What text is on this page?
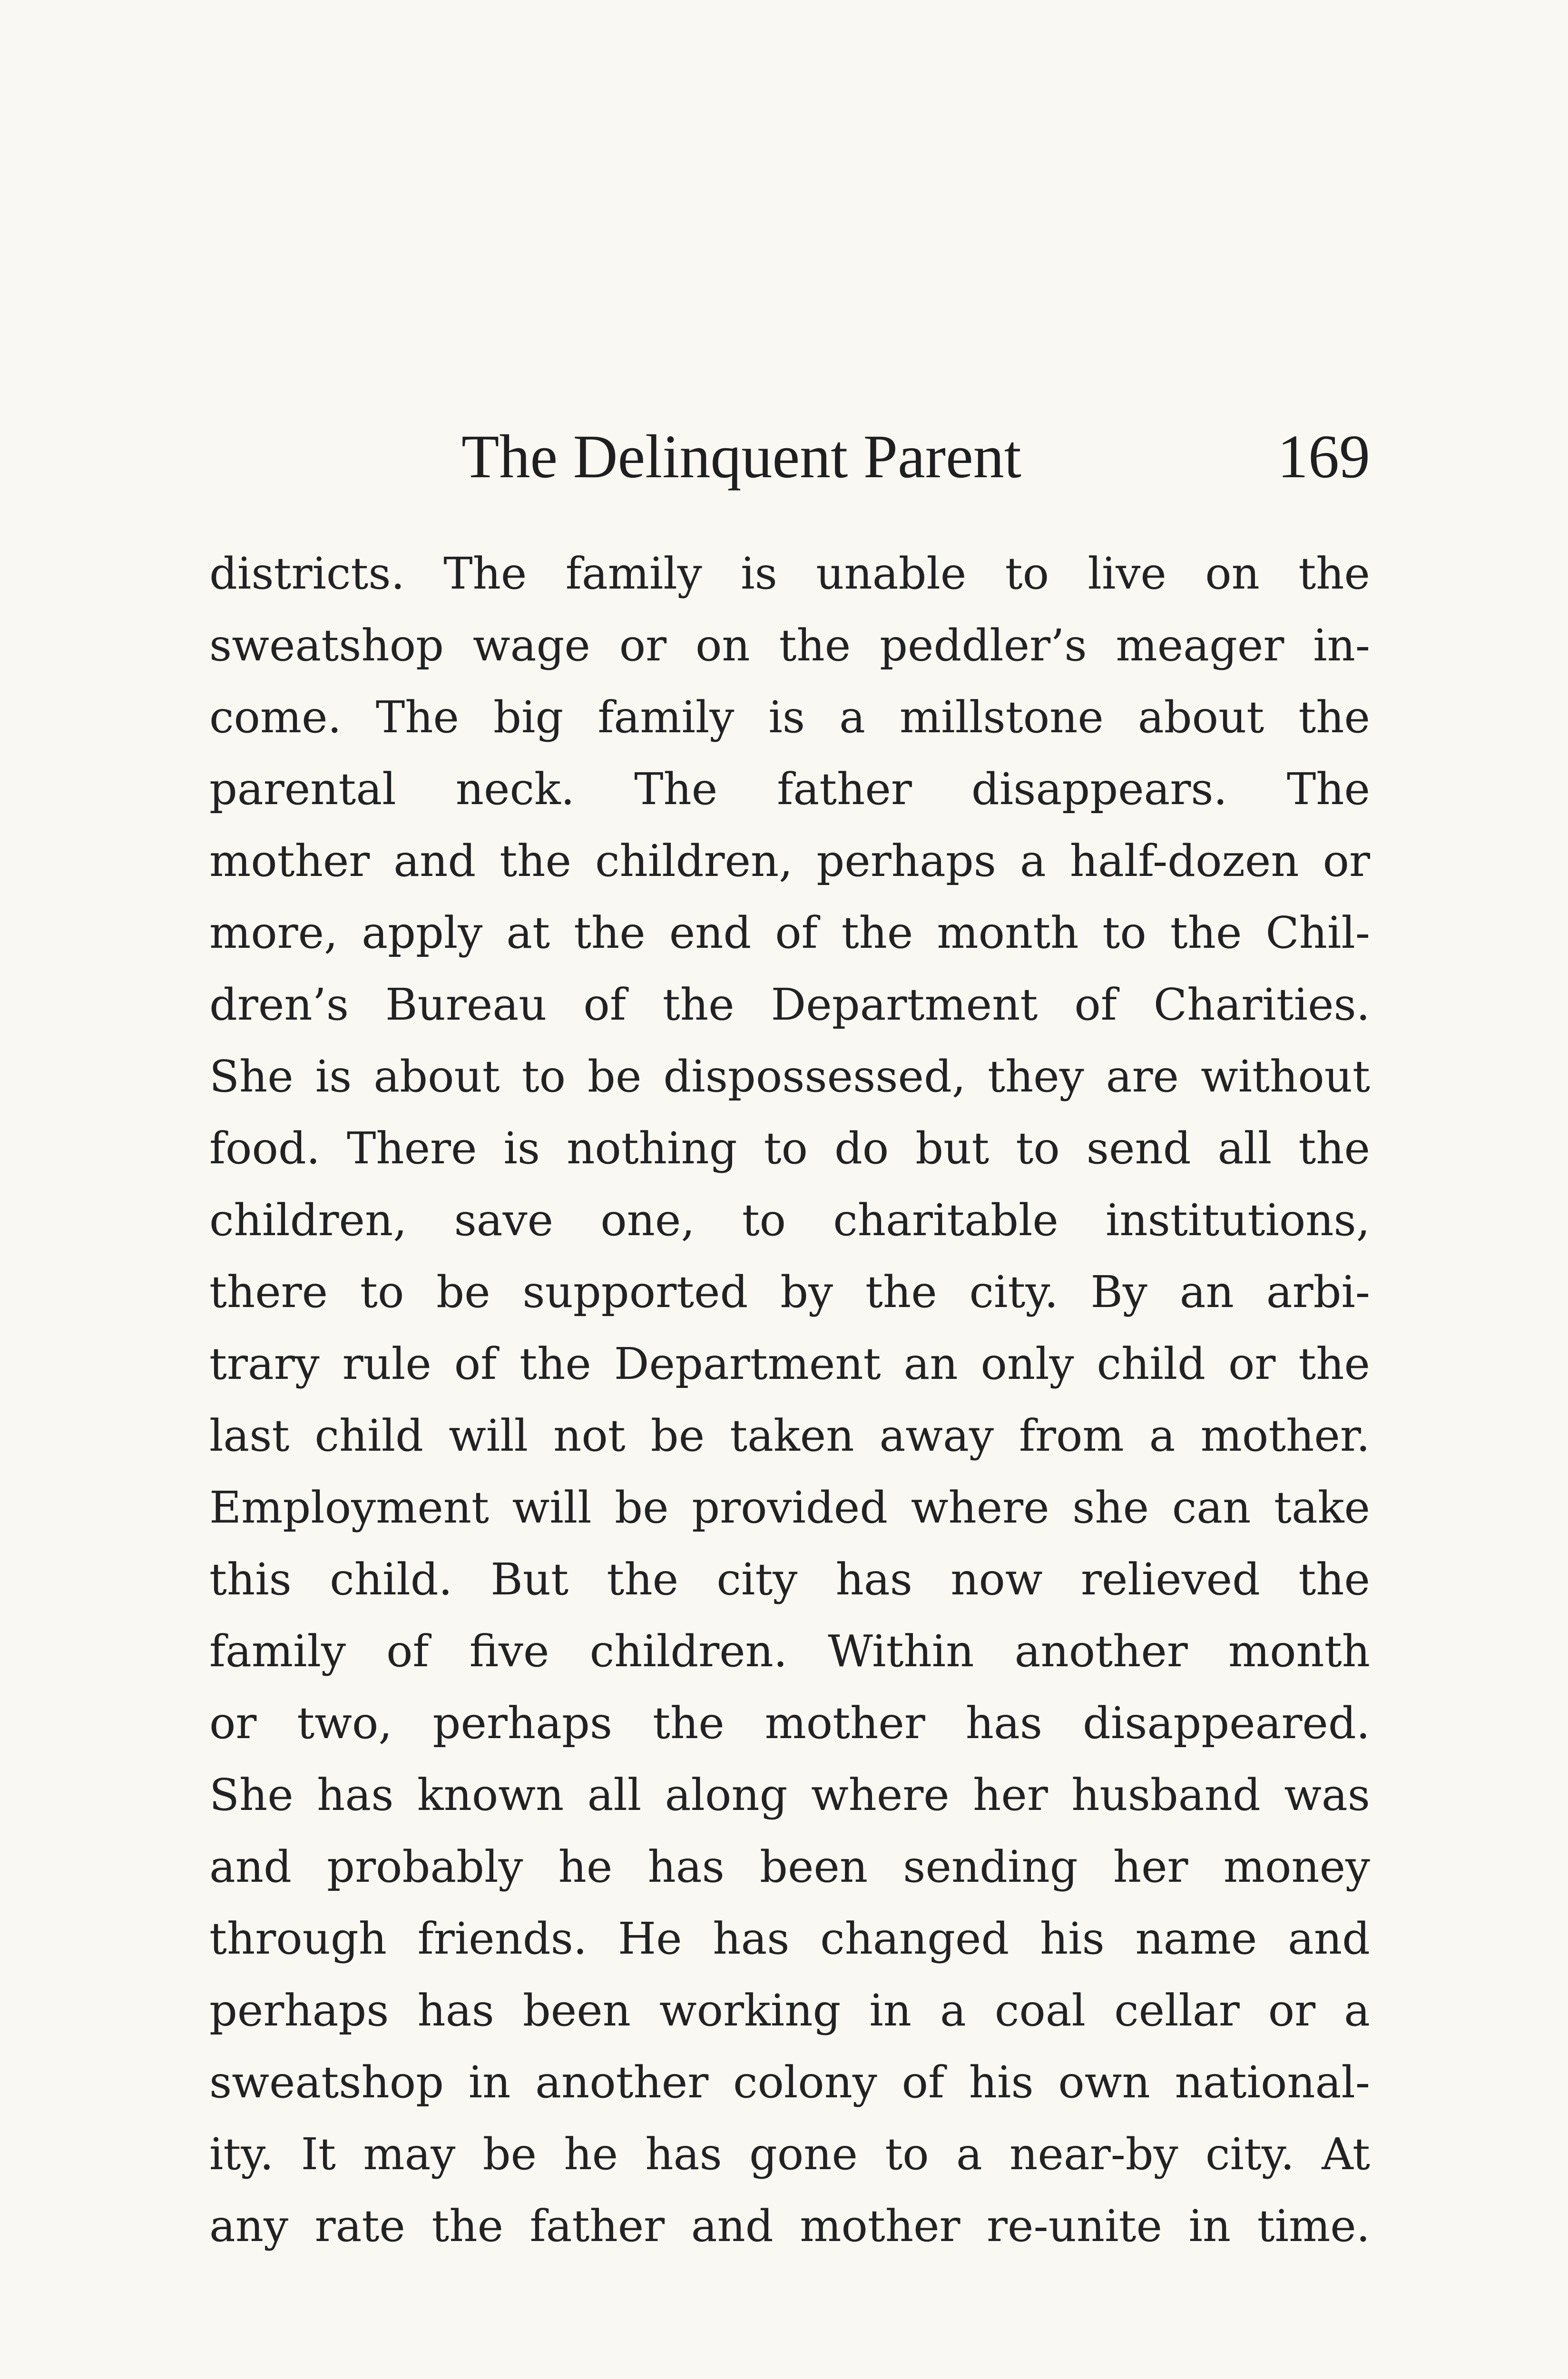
The Delinquent Parent	169
districts. The family is unable to live on the
sweatshop wage or on the peddler’s meager in-
come. The big family is a millstone about the
parental neck. The father disappears. The
mother and the children, perhaps a half-dozen or
more, apply at the end of the month to the Chil-
dren’s Bureau of the Department of Charities.
She is about to be dispossessed, they are without
food. There is nothing to do but to send all the
children, save one, to charitable institutions,
there to be supported by the city. By an arbi-
trary rule of the Department an only child or the
last child will not be taken away from a mother.
Employment will be provided where she can take
this child. But the city has now relieved the
family of five children. Within another month
or two, perhaps the mother has disappeared.
She has known all along where her husband was
and probably he has been sending her money
through friends. He has changed his name and
perhaps has been working in a coal cellar or a
sweatshop in another colony of his own national-
ity. It may be he has gone to a near-by city. At
any rate the father and mother re-unite in time.
